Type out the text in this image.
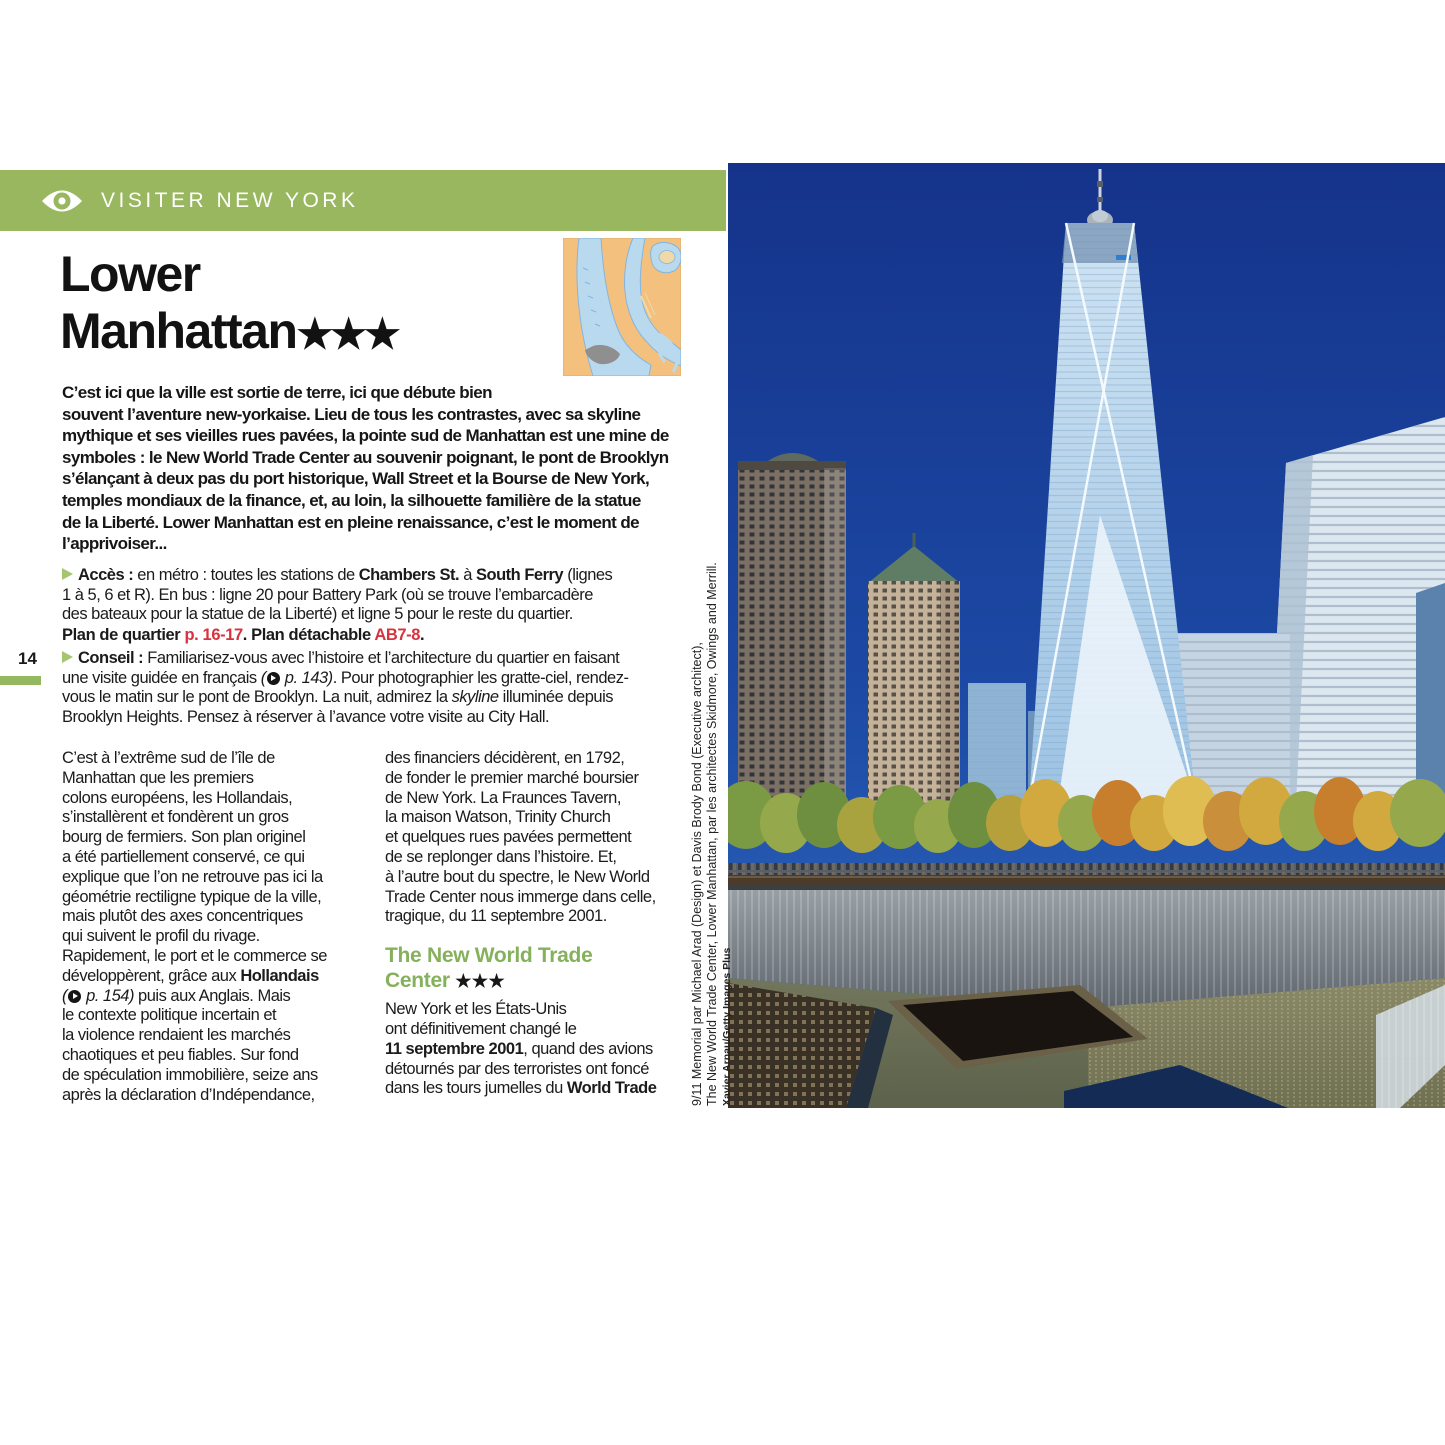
VISITER NEW YORK
14
Lower
Manhattan★★★

C’est ici que la ville est sortie de terre, ici que débute bien
souvent l’aventure new-yorkaise. Lieu de tous les contrastes, avec sa skyline
mythique et ses vieilles rues pavées, la pointe sud de Manhattan est une mine de
symboles : le New World Trade Center au souvenir poignant, le pont de Brooklyn
s’élançant à deux pas du port historique, Wall Street et la Bourse de New York,
temples mondiaux de la finance, et, au loin, la silhouette familière de la statue
de la Liberté. Lower Manhattan est en pleine renaissance, c’est le moment de
l’apprivoiser...

Accès : en métro : toutes les stations de Chambers St. à South Ferry (lignes
1 à 5, 6 et R). En bus : ligne 20 pour Battery Park (où se trouve l’embarcadère
des bateaux pour la statue de la Liberté) et ligne 5 pour le reste du quartier.

Plan de quartier p. 16-17. Plan détachable AB7-8.

Conseil : Familiarisez-vous avec l’histoire et l’architecture du quartier en faisant
une visite guidée en français ( p. 143). Pour photographier les gratte-ciel, rendez-
vous le matin sur le pont de Brooklyn. La nuit, admirez la skyline illuminée depuis
Brooklyn Heights. Pensez à réserver à l’avance votre visite au City Hall.

C’est à l’extrême sud de l’île de
Manhattan que les premiers
colons européens, les Hollandais,
s’installèrent et fondèrent un gros
bourg de fermiers. Son plan originel
a été partiellement conservé, ce qui
explique que l’on ne retrouve pas ici la
géométrie rectiligne typique de la ville,
mais plutôt des axes concentriques
qui suivent le profil du rivage.
Rapidement, le port et le commerce se
développèrent, grâce aux Hollandais
( p. 154) puis aux Anglais. Mais
le contexte politique incertain et
la violence rendaient les marchés
chaotiques et peu fiables. Sur fond
de spéculation immobilière, seize ans
après la déclaration d’Indépendance,
des financiers décidèrent, en 1792,
de fonder le premier marché boursier
de New York. La Fraunces Tavern,
la maison Watson, Trinity Church
et quelques rues pavées permettent
de se replonger dans l’histoire. Et,
à l’autre bout du spectre, le New World
Trade Center nous immerge dans celle,
tragique, du 11 septembre 2001.
The New World Trade
Center ★★★
New York et les États-Unis
ont définitivement changé le
11 septembre 2001, quand des avions
détournés par des terroristes ont foncé
dans les tours jumelles du World Trade	9/11 Memorial par Michael Arad (Design) et Davis Brody Bond (Executive architect),
The New World Trade Center, Lower Manhattan, par les architectes Skidmore, Owings and Merrill. Xavier Arnau/Getty Images Plus
